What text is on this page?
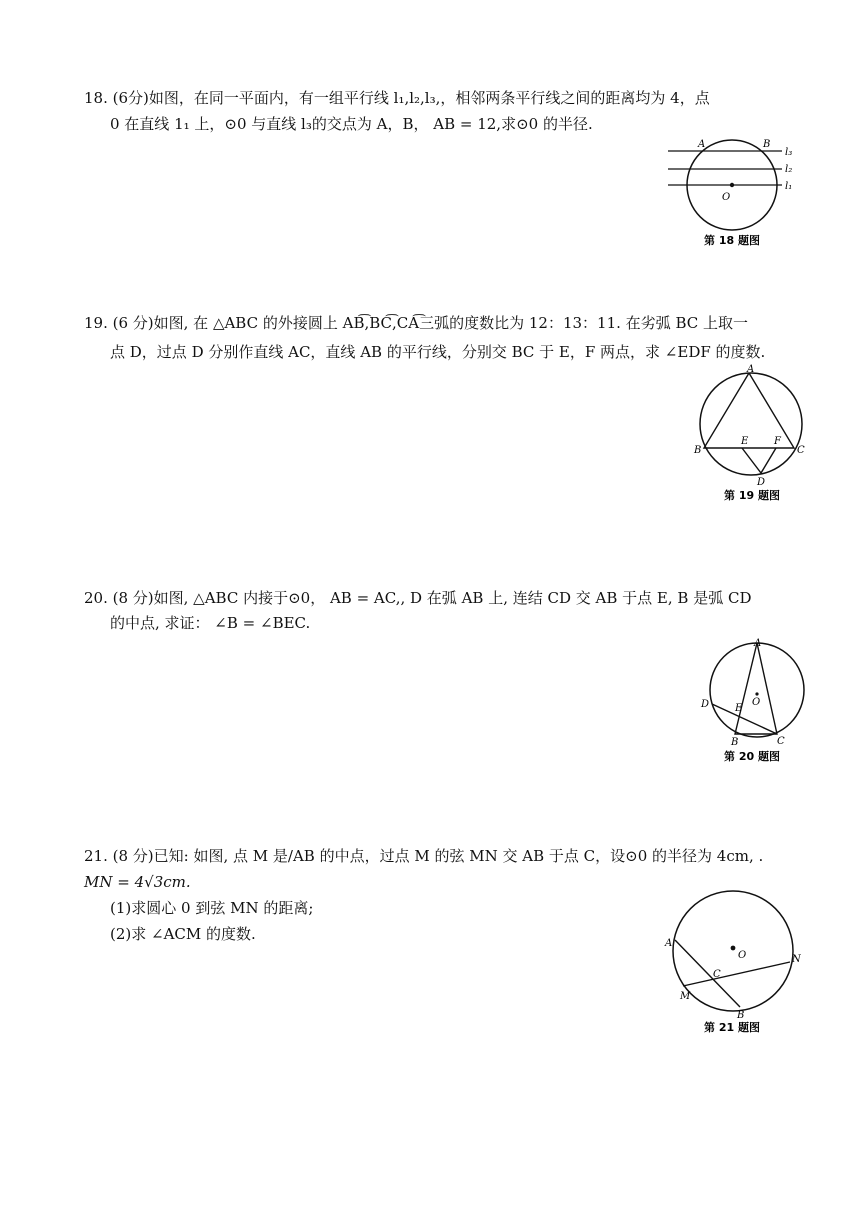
18. (6分)如图，在同一平面内，有一组平行线 l₁,l₂,l₃,，相邻两条平行线之间的距离均为 4，点
0 在直线 1₁ 上，⊙0 与直线 l₃的交点为 A，B， AB = 12,求⊙0 的半径.
A	B
O
l₃
l₂
l₁
第 18 题图
19. (6 分)如图, 在 △ABC 的外接圆上 AB͡,BC͡,CA͡三弧的度数比为 12：13：11. 在劣弧 BC 上取一
点 D，过点 D 分别作直线 AC，直线 AB 的平行线，分别交 BC 于 E，F 两点，求 ∠EDF 的度数.
A
B	C
D
E	F
第 19 题图
20. (8 分)如图, △ABC 内接于⊙0， AB = AC,, D 在弧 AB 上, 连结 CD 交 AB 于点 E, B 是弧 CD
的中点, 求证： ∠B = ∠BEC.
A
O
D	E
B	C
第 20 题图
21. (8 分)已知: 如图, 点 M 是/AB 的中点，过点 M 的弦 MN 交 AB 于点 C，设⊙0 的半径为 4cm, .
MN = 4√3cm.
(1)求圆心 0 到弦 MN 的距离;
(2)求 ∠ACM 的度数.
O
A
N
M
C
B
第 21 题图
